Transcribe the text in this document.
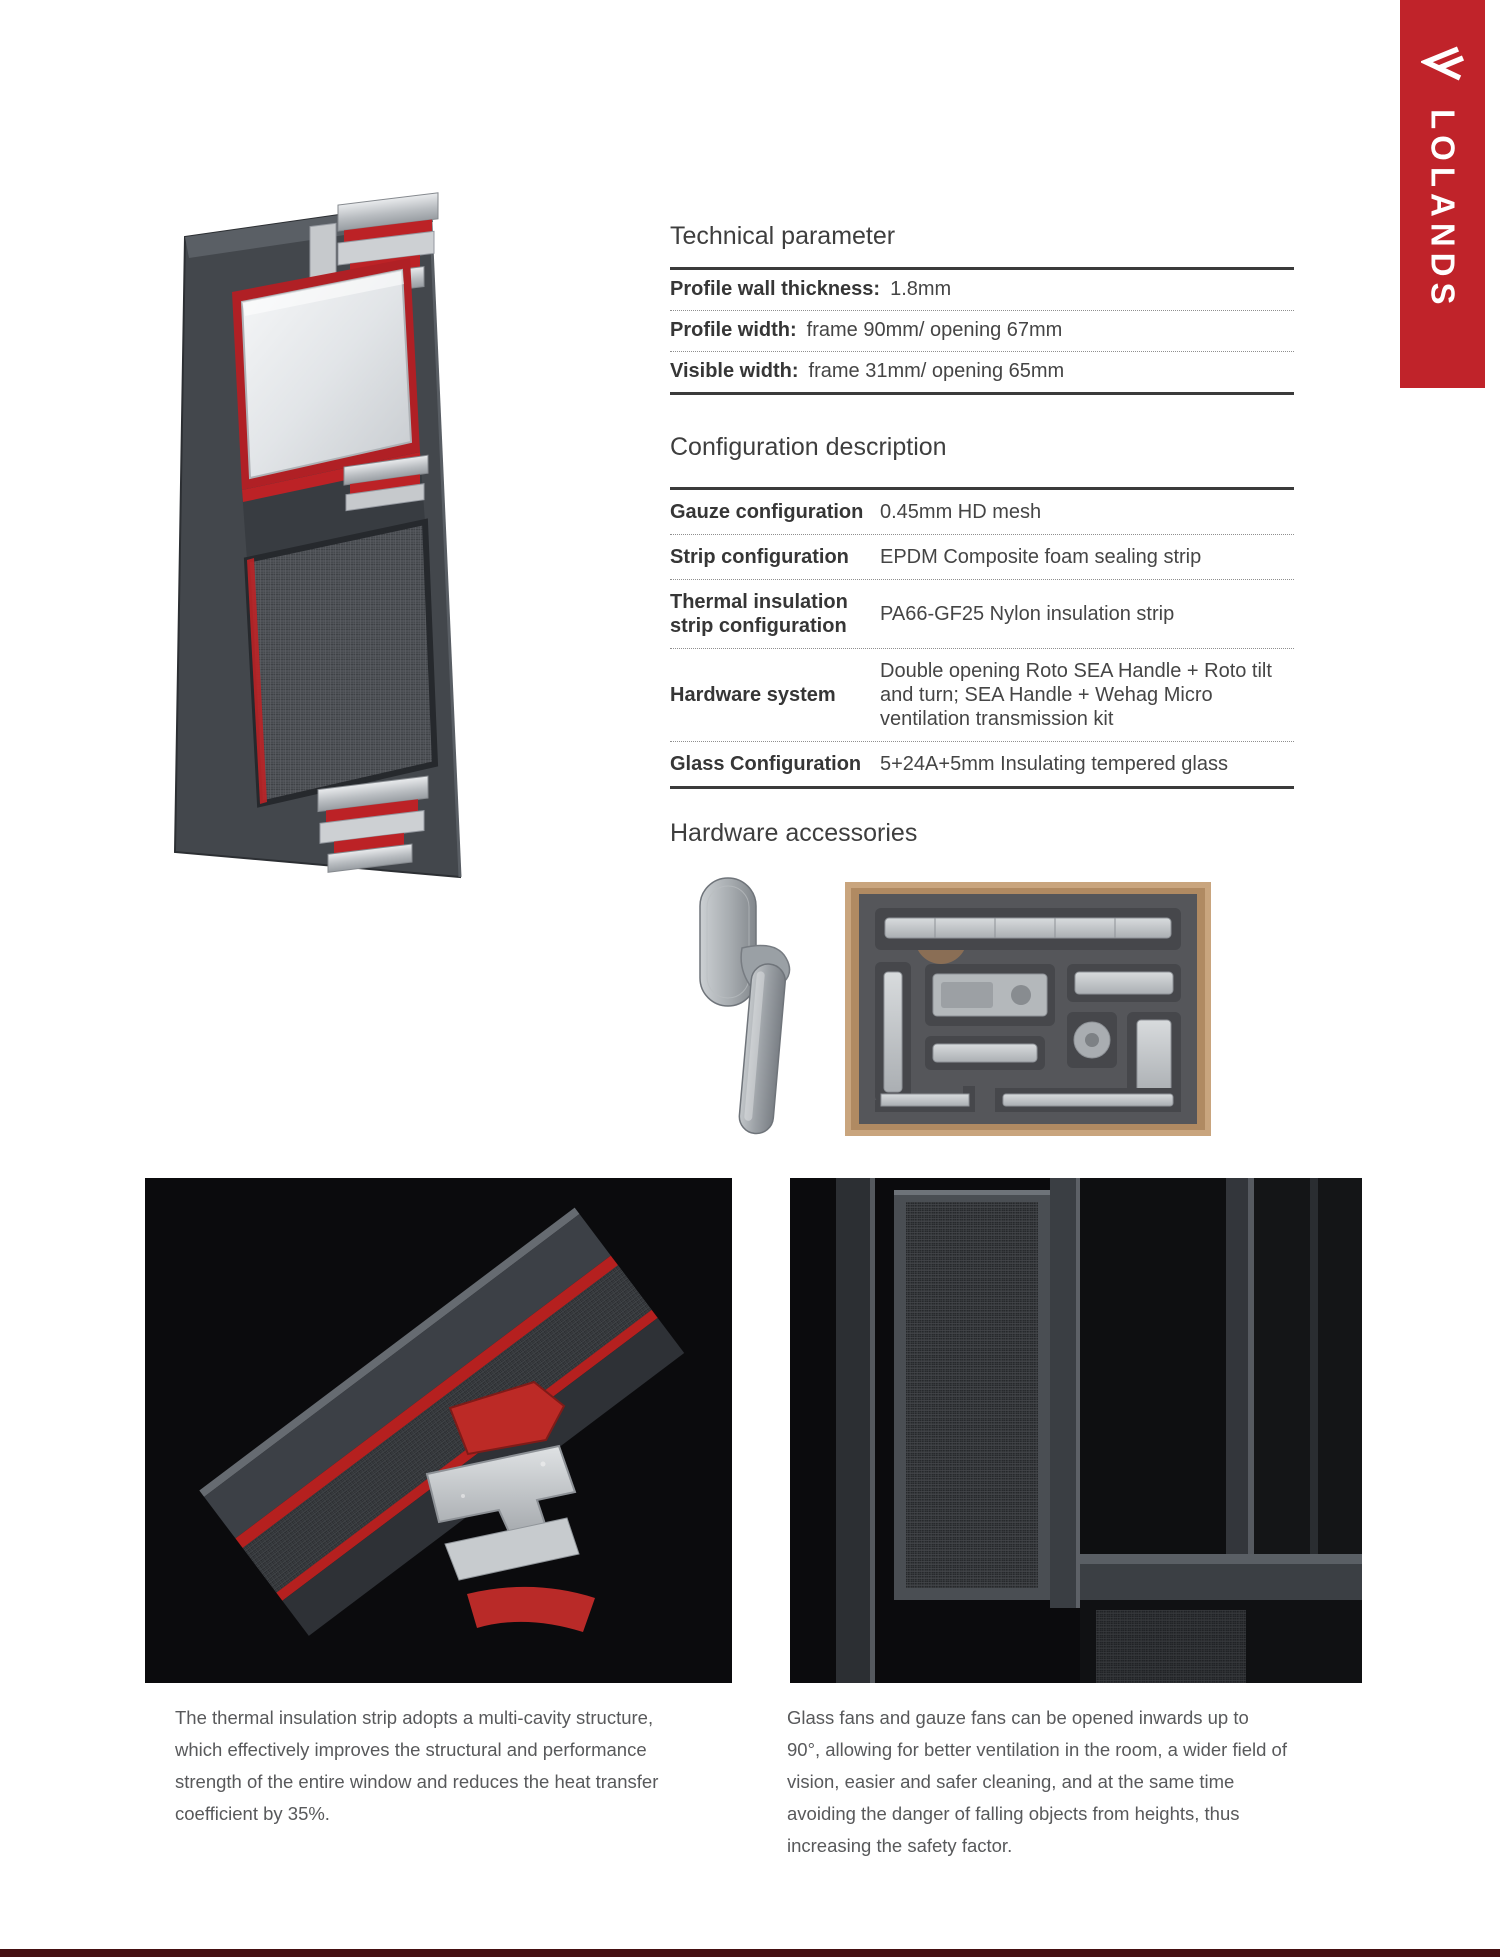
LOLANDS
Technical parameter
Profile wall thickness: 1.8mm
Profile width: frame 90mm/ opening 67mm
Visible width: frame 31mm/ opening 65mm
Configuration description
Gauze configuration 0.45mm HD mesh
Strip configuration	EPDM Composite foam sealing strip
Thermal insulation strip configuration
PA66-GF25 Nylon insulation strip
Hardware system
Double opening Roto SEA Handle + Roto tilt and turn; SEA Handle + Wehag Micro ventilation transmission kit
Glass Configuration 5+24A+5mm Insulating tempered glass
Hardware accessories

The thermal insulation strip adopts a multi-cavity structure, which effectively improves the structural and performance strength of the entire window and reduces the heat transfer coefficient by 35%.

Glass fans and gauze fans can be opened inwards up to 90°, allowing for better ventilation in the room, a wider field of vision, easier and safer cleaning, and at the same time avoiding the danger of falling objects from heights, thus increasing the safety factor.
